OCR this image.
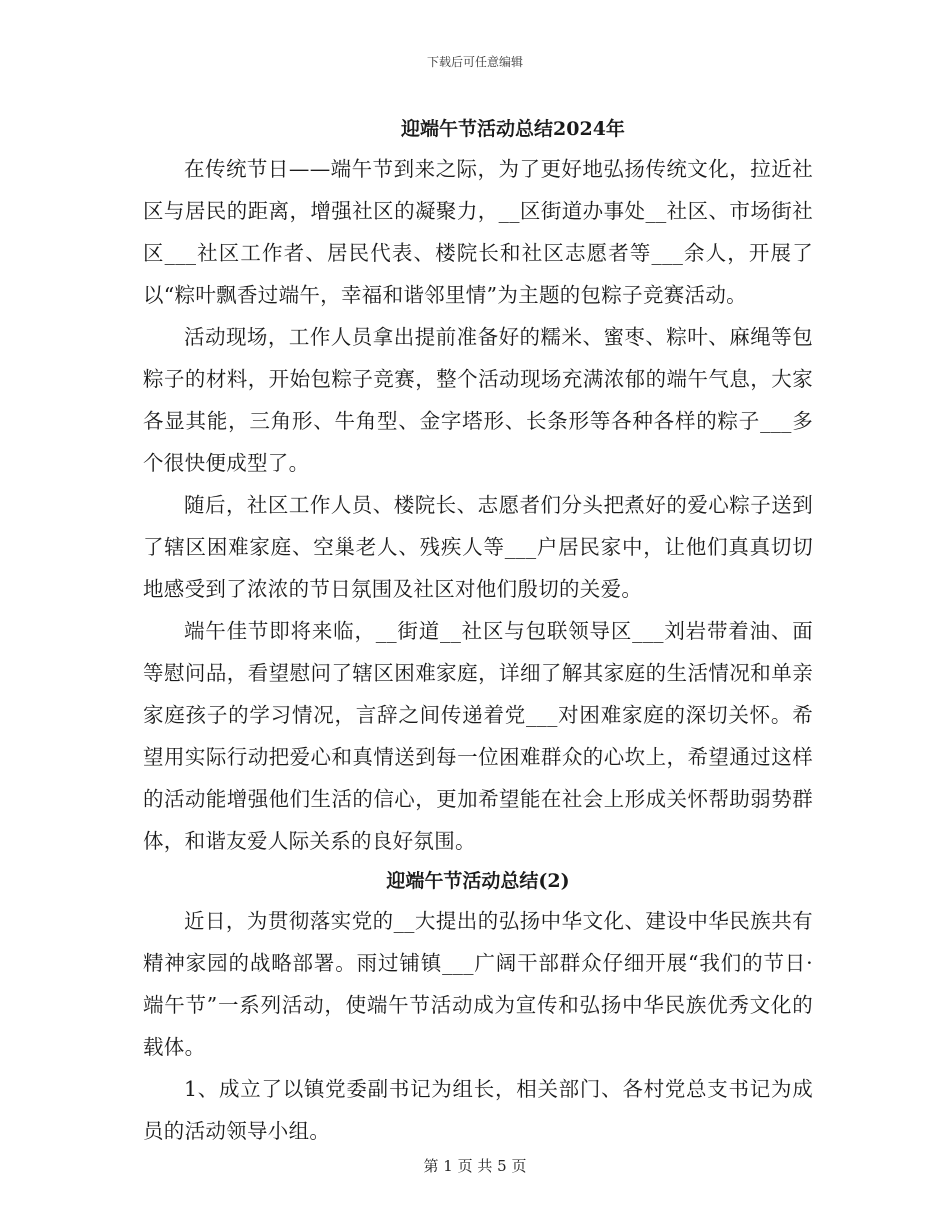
下载后可任意编辑

迎端午节活动总结2024年

在传统节日——端午节到来之际，为了更好地弘扬传统文化，拉近社区与居民的距离，增强社区的凝聚力，__区街道办事处__社区、市场街社区___社区工作者、居民代表、楼院长和社区志愿者等___余人，开展了以“粽叶飘香过端午，幸福和谐邻里情”为主题的包粽子竞赛活动。

活动现场，工作人员拿出提前准备好的糯米、蜜枣、粽叶、麻绳等包粽子的材料，开始包粽子竞赛，整个活动现场充满浓郁的端午气息，大家各显其能，三角形、牛角型、金字塔形、长条形等各种各样的粽子___多个很快便成型了。

随后，社区工作人员、楼院长、志愿者们分头把煮好的爱心粽子送到了辖区困难家庭、空巢老人、残疾人等___户居民家中，让他们真真切切地感受到了浓浓的节日氛围及社区对他们殷切的关爱。

端午佳节即将来临，__街道__社区与包联领导区___刘岩带着油、面等慰问品，看望慰问了辖区困难家庭，详细了解其家庭的生活情况和单亲家庭孩子的学习情况，言辞之间传递着党___对困难家庭的深切关怀。希望用实际行动把爱心和真情送到每一位困难群众的心坎上，希望通过这样的活动能增强他们生活的信心，更加希望能在社会上形成关怀帮助弱势群体，和谐友爱人际关系的良好氛围。

迎端午节活动总结(2)

近日，为贯彻落实党的__大提出的弘扬中华文化、建设中华民族共有精神家园的战略部署。雨过铺镇___广阔干部群众仔细开展“我们的节日·端午节”一系列活动，使端午节活动成为宣传和弘扬中华民族优秀文化的载体。

1、成立了以镇党委副书记为组长，相关部门、各村党总支书记为成员的活动领导小组。

第 1 页 共 5 页
